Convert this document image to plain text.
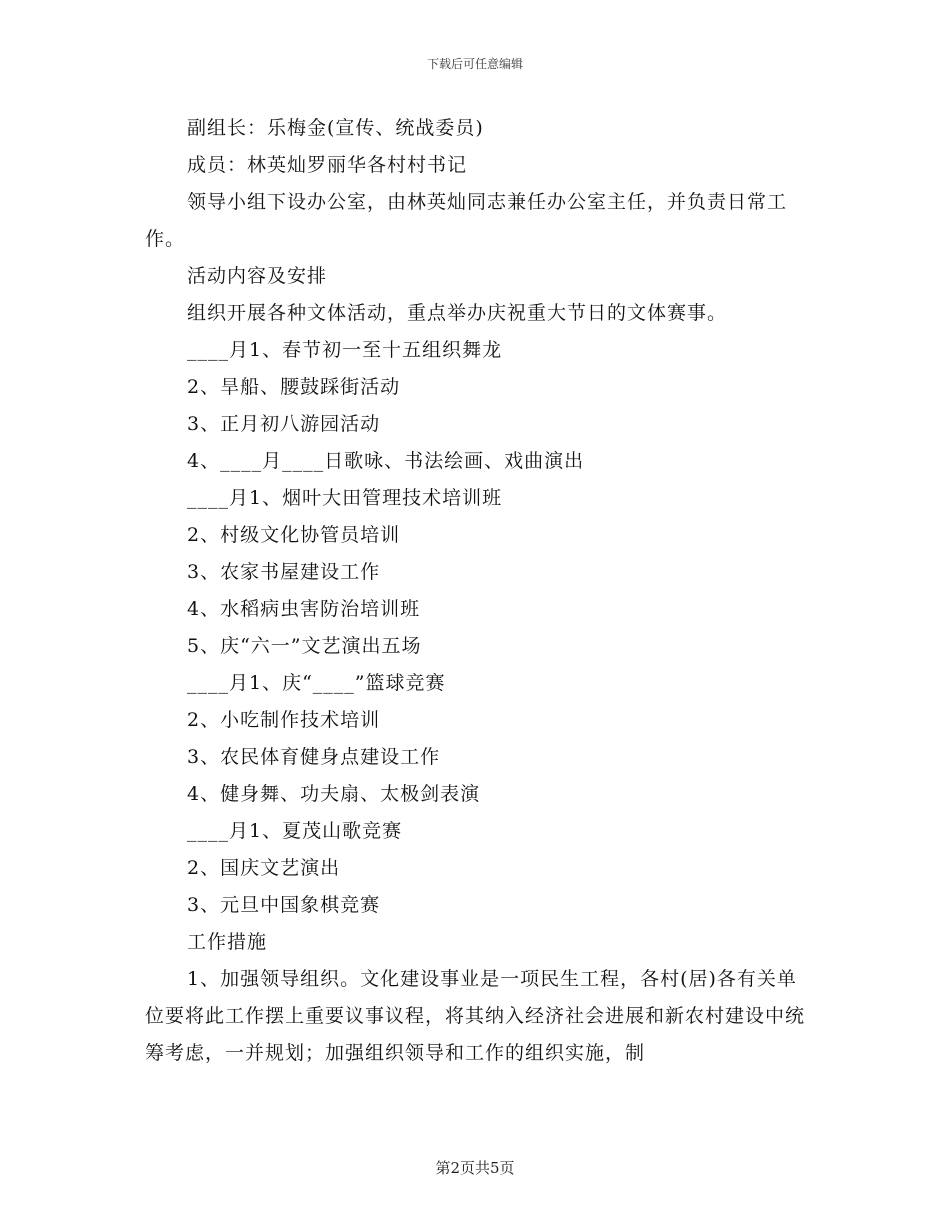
下载后可任意编辑

副组长：乐梅金(宣传、统战委员)

成员：林英灿罗丽华各村村书记

领导小组下设办公室，由林英灿同志兼任办公室主任，并负责日常工作。

活动内容及安排

组织开展各种文体活动，重点举办庆祝重大节日的文体赛事。

____月1、春节初一至十五组织舞龙

2、旱船、腰鼓踩街活动

3、正月初八游园活动

4、____月____日歌咏、书法绘画、戏曲演出

____月1、烟叶大田管理技术培训班

2、村级文化协管员培训

3、农家书屋建设工作

4、水稻病虫害防治培训班

5、庆“六一”文艺演出五场

____月1、庆“____”篮球竞赛

2、小吃制作技术培训

3、农民体育健身点建设工作

4、健身舞、功夫扇、太极剑表演

____月1、夏茂山歌竞赛

2、国庆文艺演出

3、元旦中国象棋竞赛

工作措施

1、加强领导组织。文化建设事业是一项民生工程，各村(居)各有关单位要将此工作摆上重要议事议程，将其纳入经济社会进展和新农村建设中统筹考虑，一并规划；加强组织领导和工作的组织实施，制

第2页共5页
